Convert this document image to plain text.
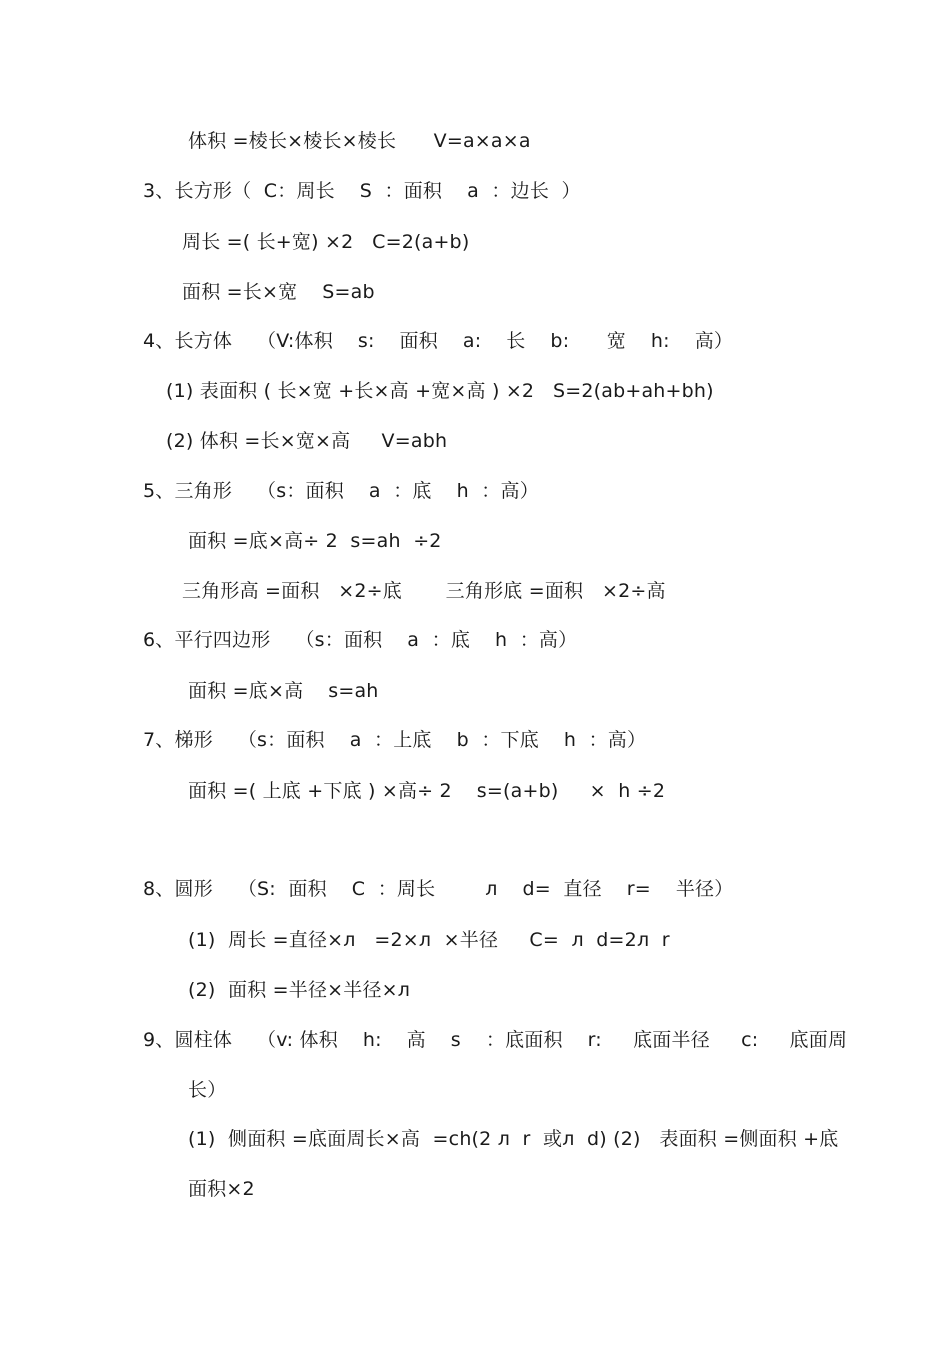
体积 =棱长×棱长×棱长      V=a×a×a
3、长方形（  C：周长    S  ：面积    a  ：边长  ）
周长 =( 长+宽) ×2   C=2(a+b)
面积 =长×宽    S=ab
4、长方体    （V:体积    s:    面积    a:    长    b:      宽    h:    高）
(1) 表面积 ( 长×宽 +长×高 +宽×高 ) ×2   S=2(ab+ah+bh)
(2) 体积 =长×宽×高     V=abh
5、三角形    （s：面积    a  ：底    h  ：高）
面积 =底×高÷ 2  s=ah  ÷2
三角形高 =面积   ×2÷底       三角形底 =面积   ×2÷高
6、平行四边形    （s：面积    a  ：底    h  ：高）
面积 =底×高    s=ah
7、梯形    （s：面积    a  ：上底    b  ：下底    h  ：高）
面积 =( 上底 +下底 ) ×高÷ 2    s=(a+b)     ×  h ÷2
8、圆形    （S:  面积    C  ：周长        л    d=  直径    r=    半径）
(1)  周长 =直径×л   =2×л  ×半径     C=  л  d=2л  r
(2)  面积 =半径×半径×л
9、圆柱体    （v: 体积    h:    高    s    ：底面积    r:     底面半径     c:     底面周
长）
(1)  侧面积 =底面周长×高  =ch(2 л  r  或л  d) (2)   表面积 =侧面积 +底
面积×2
